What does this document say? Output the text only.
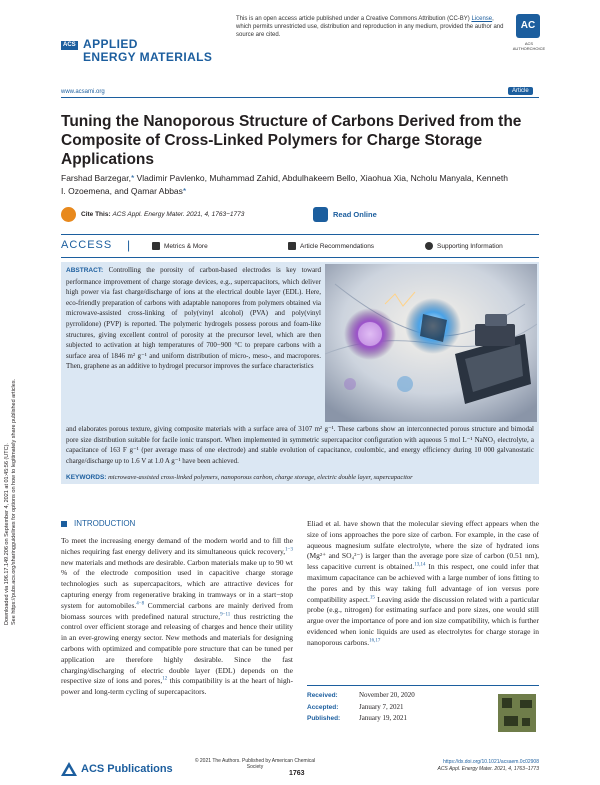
ACS APPLIED
ENERGY MATERIALS
This is an open access article published under a Creative Commons Attribution (CC-BY) License, which permits unrestricted use, distribution and reproduction in any medium, provided the author and source are cited.
AC
ACS
AUTHORCHOICE
www.acsami.org	Article
Tuning the Nanoporous Structure of Carbons Derived from the Composite of Cross-Linked Polymers for Charge Storage Applications
Farshad Barzegar,* Vladimir Pavlenko, Muhammad Zahid, Abdulhakeem Bello, Xiaohua Xia, Ncholu Manyala, Kenneth I. Ozoemena, and Qamar Abbas*
Cite This: ACS Appl. Energy Mater. 2021, 4, 1763−1773	Read Online
ACCESS |	Metrics & More	Article Recommendations	Supporting Information
ABSTRACT: Controlling the porosity of carbon-based electrodes is key toward performance improvement of charge storage devices, e.g., supercapacitors, which deliver high power via fast charge/discharge of ions at the electrical double layer (EDL). Here, eco-friendly preparation of carbons with adaptable nanopores from polymers obtained via microwave-assisted cross-linking of poly(vinyl alcohol) (PVA) and poly(vinyl pyrrolidone) (PVP) is reported. The polymeric hydrogels possess porous and foam-like structures, giving excellent control of porosity at the precursor level, which are then subjected to activation at high temperatures of 700−900 °C to prepare carbons with a surface area of 1846 m² g⁻¹ and uniform distribution of micro-, meso-, and macropores. Then, graphene as an additive to hydrogel precursor improves the surface characteristics
and elaborates porous texture, giving composite materials with a surface area of 3107 m² g⁻¹. These carbons show an interconnected porous structure and bimodal pore size distribution suitable for facile ionic transport. When implemented in symmetric supercapacitor configuration with aqueous 5 mol L⁻¹ NaNO₃ electrolyte, a capacitance of 163 F g⁻¹ (per average mass of one electrode) and stable evolution of capacitance, coulombic, and energy efficiency during 10 000 galvanostatic charge/discharge up to 1.6 V at 1.0 A g⁻¹ have been achieved.
KEYWORDS: microwave-assisted cross-linked polymers, nanoporous carbon, charge storage, electric double layer, supercapacitor
Downloaded via 196.17.149.206 on September 4, 2021 at 01:45:56 (UTC). See https://pubs.acs.org/sharingguidelines for options on how to legitimately share published articles.	INTRODUCTION
To meet the increasing energy demand of the modern world and to fill the niches requiring fast energy delivery and its simultaneous quick recovery,$^{1-3}$ new materials and methods are desirable. Carbon materials make up to 90 wt % of the electrode composition used in capacitive charge storage technologies such as supercapacitors, which are attractive devices for capturing energy from regenerative braking in tramways or in a start−stop system for automobiles.$^{4-8}$ Commercial carbons are mainly derived from biomass sources with predefined natural structure,$^{9-11}$ thus restricting the control over efficient storage and releasing of charges and hence their utility in an ever-growing energy sector. New methods and materials for designing carbons with optimized and compatible pore structure that can be tuned per application are therefore highly desirable. Since the fast charging/discharging of electric double layer (EDL) depends on the respective size of ions and pores,$^{12}$ this compatibility is at the heart of high-power and long-term cycling of supercapacitors.
Eliad et al. have shown that the molecular sieving effect appears when the size of ions approaches the pore size of carbon. For example, in the case of aqueous magnesium sulfate electrolyte, where the size of hydrated ions (Mg²⁺ and SO₄²⁻) is larger than the average pore size of carbon (0.51 nm), less capacitive current is obtained.$^{13,14}$ In this respect, one could infer that maximum capacitance can be achieved with a large number of ions fitting to the pores and by this way taking full advantage of ion versus pore compatibility aspect.$^{15}$ Leaving aside the discussion related with a particular probe (e.g., nitrogen) for estimating surface and pore sizes, one would still argue over the importance of pore and ion size compatibility, which is further evidenced when ionic liquids are used as electrolytes for charge storage in nanoporous carbons.$^{16,17}$
Received:	November 20, 2020
Accepted:	January 7, 2021
Published:	January 19, 2021
ACS Publications
© 2021 The Authors. Published by American Chemical Society
1763
https://dx.doi.org/10.1021/acsaem.0c02908
ACS Appl. Energy Mater. 2021, 4, 1763−1773
